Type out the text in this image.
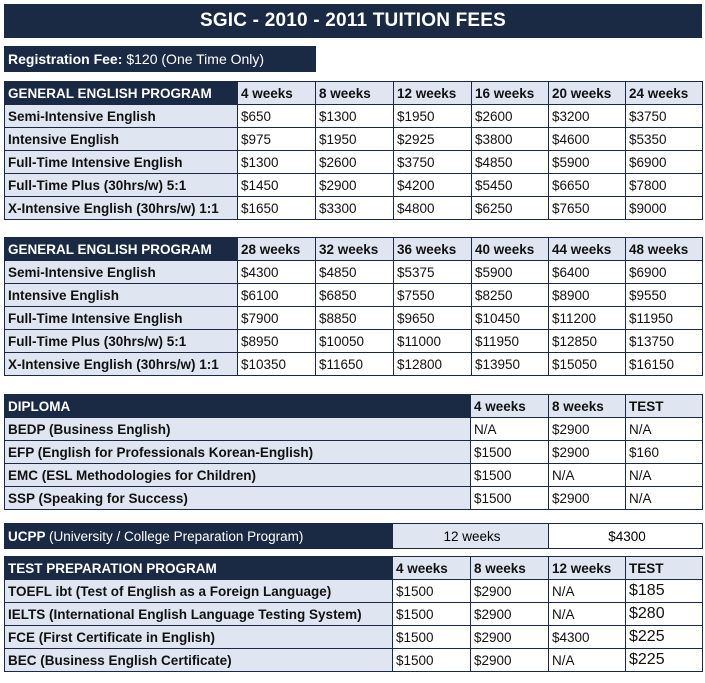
SGIC - 2010 - 2011 TUITION FEES
Registration Fee: $120 (One Time Only)
GENERAL ENGLISH PROGRAM	4 weeks	8 weeks	12 weeks	16 weeks	20 weeks	24 weeks
Semi-Intensive English	$650	$1300	$1950	$2600	$3200	$3750
Intensive English	$975	$1950	$2925	$3800	$4600	$5350
Full-Time Intensive English	$1300	$2600	$3750	$4850	$5900	$6900
Full-Time Plus (30hrs/w) 5:1	$1450	$2900	$4200	$5450	$6650	$7800
X-Intensive English (30hrs/w) 1:1	$1650	$3300	$4800	$6250	$7650	$9000
GENERAL ENGLISH PROGRAM	28 weeks	32 weeks	36 weeks	40 weeks	44 weeks	48 weeks
Semi-Intensive English	$4300	$4850	$5375	$5900	$6400	$6900
Intensive English	$6100	$6850	$7550	$8250	$8900	$9550
Full-Time Intensive English	$7900	$8850	$9650	$10450	$11200	$11950
Full-Time Plus (30hrs/w) 5:1	$8950	$10050	$11000	$11950	$12850	$13750
X-Intensive English (30hrs/w) 1:1	$10350	$11650	$12800	$13950	$15050	$16150
DIPLOMA	4 weeks	8 weeks	TEST
BEDP (Business English)	N/A	$2900	N/A
EFP (English for Professionals Korean-English)	$1500	$2900	$160
EMC (ESL Methodologies for Children)	$1500	N/A	N/A
SSP (Speaking for Success)	$1500	$2900	N/A
UCPP (University / College Preparation Program)	12 weeks	$4300
TEST PREPARATION PROGRAM	4 weeks	8 weeks	12 weeks	TEST
TOEFL ibt (Test of English as a Foreign Language)	$1500	$2900	N/A	$185
IELTS (International English Language Testing System)	$1500	$2900	N/A	$280
FCE (First Certificate in English)	$1500	$2900	$4300	$225
BEC (Business English Certificate)	$1500	$2900	N/A	$225
